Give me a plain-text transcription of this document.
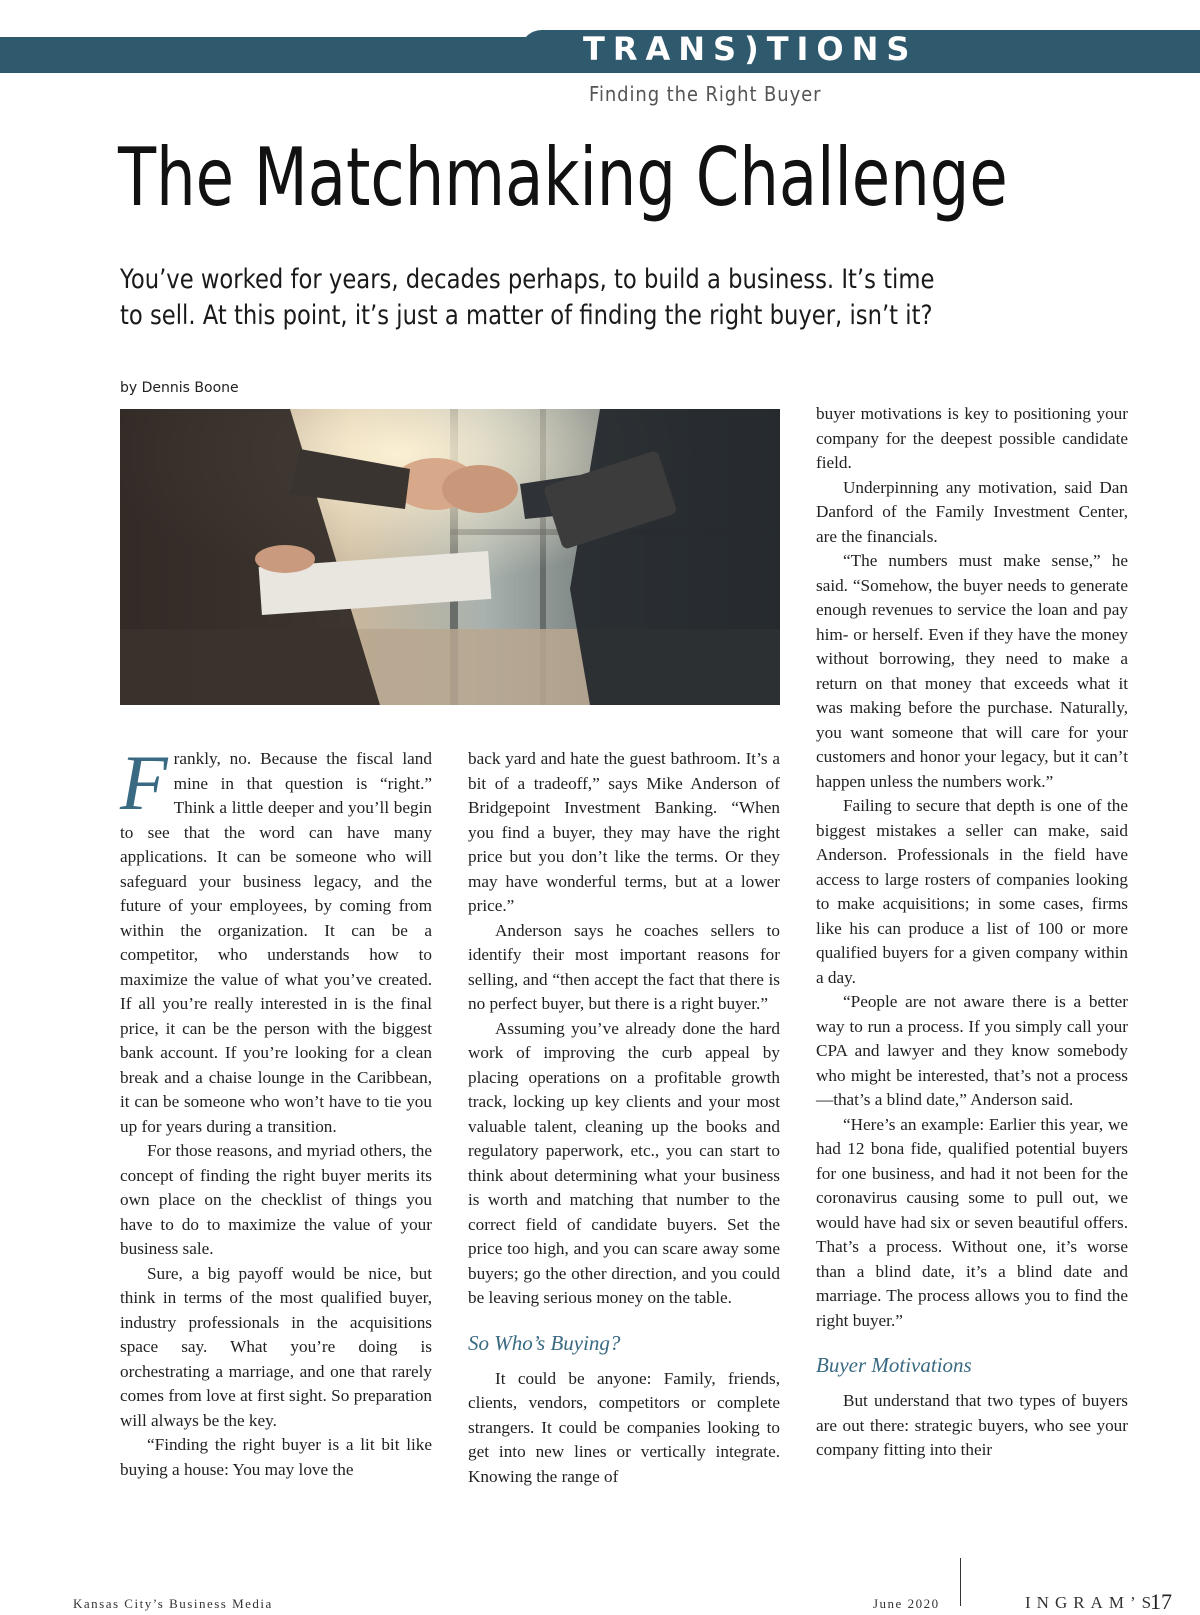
TRANS)TIONS
Finding the Right Buyer
The Matchmaking Challenge
You’ve worked for years, decades perhaps, to build a business. It’s time to sell. At this point, it’s just a matter of finding the right buyer, isn’t it?
by Dennis Boone

Frankly, no. Because the fiscal land mine in that question is “right.” Think a little deeper and you’ll begin to see that the word can have many applications. It can be someone who will safeguard your business legacy, and the future of your employees, by coming from within the organization. It can be a competitor, who understands how to maximize the value of what you’ve created. If all you’re really interested in is the final price, it can be the person with the biggest bank account. If you’re looking for a clean break and a chaise lounge in the Caribbean, it can be someone who won’t have to tie you up for years during a transition.

For those reasons, and myriad others, the concept of finding the right buyer merits its own place on the checklist of things you have to do to maximize the value of your business sale.

Sure, a big payoff would be nice, but think in terms of the most qualified buyer, industry professionals in the acquisitions space say. What you’re doing is orchestrating a marriage, and one that rarely comes from love at first sight. So preparation will always be the key.

“Finding the right buyer is a lit bit like buying a house: You may love the

back yard and hate the guest bathroom. It’s a bit of a tradeoff,” says Mike Anderson of Bridgepoint Investment Banking. “When you find a buyer, they may have the right price but you don’t like the terms. Or they may have wonderful terms, but at a lower price.”

Anderson says he coaches sellers to identify their most important reasons for selling, and “then accept the fact that there is no perfect buyer, but there is a right buyer.”

Assuming you’ve already done the hard work of improving the curb appeal by placing operations on a profitable growth track, locking up key clients and your most valuable talent, cleaning up the books and regulatory paperwork, etc., you can start to think about determining what your business is worth and matching that number to the correct field of candidate buyers. Set the price too high, and you can scare away some buyers; go the other direction, and you could be leaving serious money on the table.

So Who’s Buying?

It could be anyone: Family, friends, clients, vendors, competitors or complete strangers. It could be companies looking to get into new lines or vertically integrate. Knowing the range of

buyer motivations is key to positioning your company for the deepest possible candidate field.

Underpinning any motivation, said Dan Danford of the Family Investment Center, are the financials.

“The numbers must make sense,” he said. “Somehow, the buyer needs to generate enough revenues to service the loan and pay him- or herself. Even if they have the money without borrowing, they need to make a return on that money that exceeds what it was making before the purchase. Naturally, you want someone that will care for your customers and honor your legacy, but it can’t happen unless the numbers work.”

Failing to secure that depth is one of the biggest mistakes a seller can make, said Anderson. Professionals in the field have access to large rosters of companies looking to make acquisitions; in some cases, firms like his can produce a list of 100 or more qualified buyers for a given company within a day.

“People are not aware there is a better way to run a process. If you simply call your CPA and lawyer and they know somebody who might be interested, that’s not a process—that’s a blind date,” Anderson said.

“Here’s an example: Earlier this year, we had 12 bona fide, qualified potential buyers for one business, and had it not been for the coronavirus causing some to pull out, we would have had six or seven beautiful offers. That’s a process. Without one, it’s worse than a blind date, it’s a blind date and marriage. The process allows you to find the right buyer.”

Buyer Motivations

But understand that two types of buyers are out there: strategic buyers, who see your company fitting into their

Kansas City’s Business Media	June 2020	INGRAM’S
17
